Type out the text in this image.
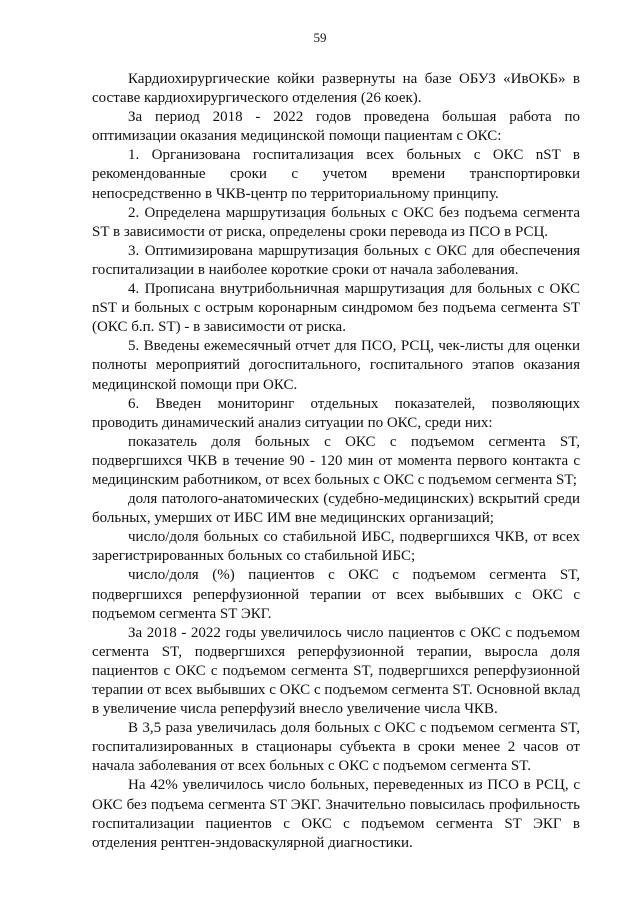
59

Кардиохирургические койки развернуты на базе ОБУЗ «ИвОКБ» в составе кардиохирургического отделения (26 коек).

За период 2018 - 2022 годов проведена большая работа по оптимизации оказания медицинской помощи пациентам с ОКС:

1. Организована госпитализация всех больных с ОКС nST в рекомендованные сроки с учетом времени транспортировки непосредственно в ЧКВ-центр по территориальному принципу.

2. Определена маршрутизация больных с ОКС без подъема сегмента ST в зависимости от риска, определены сроки перевода из ПСО в РСЦ.

3. Оптимизирована маршрутизация больных с ОКС для обеспечения госпитализации в наиболее короткие сроки от начала заболевания.

4. Прописана внутрибольничная маршрутизация для больных с ОКС nST и больных с острым коронарным синдромом без подъема сегмента ST (ОКС б.п. ST) - в зависимости от риска.

5. Введены ежемесячный отчет для ПСО, РСЦ, чек-листы для оценки полноты мероприятий догоспитального, госпитального этапов оказания медицинской помощи при ОКС.

6. Введен мониторинг отдельных показателей, позволяющих проводить динамический анализ ситуации по ОКС, среди них:

показатель доля больных с ОКС с подъемом сегмента ST, подвергшихся ЧКВ в течение 90 - 120 мин от момента первого контакта с медицинским работником, от всех больных с ОКС с подъемом сегмента ST;

доля патолого-анатомических (судебно-медицинских) вскрытий среди больных, умерших от ИБС ИМ вне медицинских организаций;

число/доля больных со стабильной ИБС, подвергшихся ЧКВ, от всех зарегистрированных больных со стабильной ИБС;

число/доля (%) пациентов с ОКС с подъемом сегмента ST, подвергшихся реперфузионной терапии от всех выбывших с ОКС с подъемом сегмента ST ЭКГ.

За 2018 - 2022 годы увеличилось число пациентов с ОКС с подъемом сегмента ST, подвергшихся реперфузионной терапии, выросла доля пациентов с ОКС с подъемом сегмента ST, подвергшихся реперфузионной терапии от всех выбывших с ОКС с подъемом сегмента ST. Основной вклад в увеличение числа реперфузий внесло увеличение числа ЧКВ.

В 3,5 раза увеличилась доля больных с ОКС с подъемом сегмента ST, госпитализированных в стационары субъекта в сроки менее 2 часов от начала заболевания от всех больных с ОКС с подъемом сегмента ST.

На 42% увеличилось число больных, переведенных из ПСО в РСЦ, с ОКС без подъема сегмента ST ЭКГ. Значительно повысилась профильность госпитализации пациентов с ОКС с подъемом сегмента ST ЭКГ в отделения рентген-эндоваскулярной диагностики.
